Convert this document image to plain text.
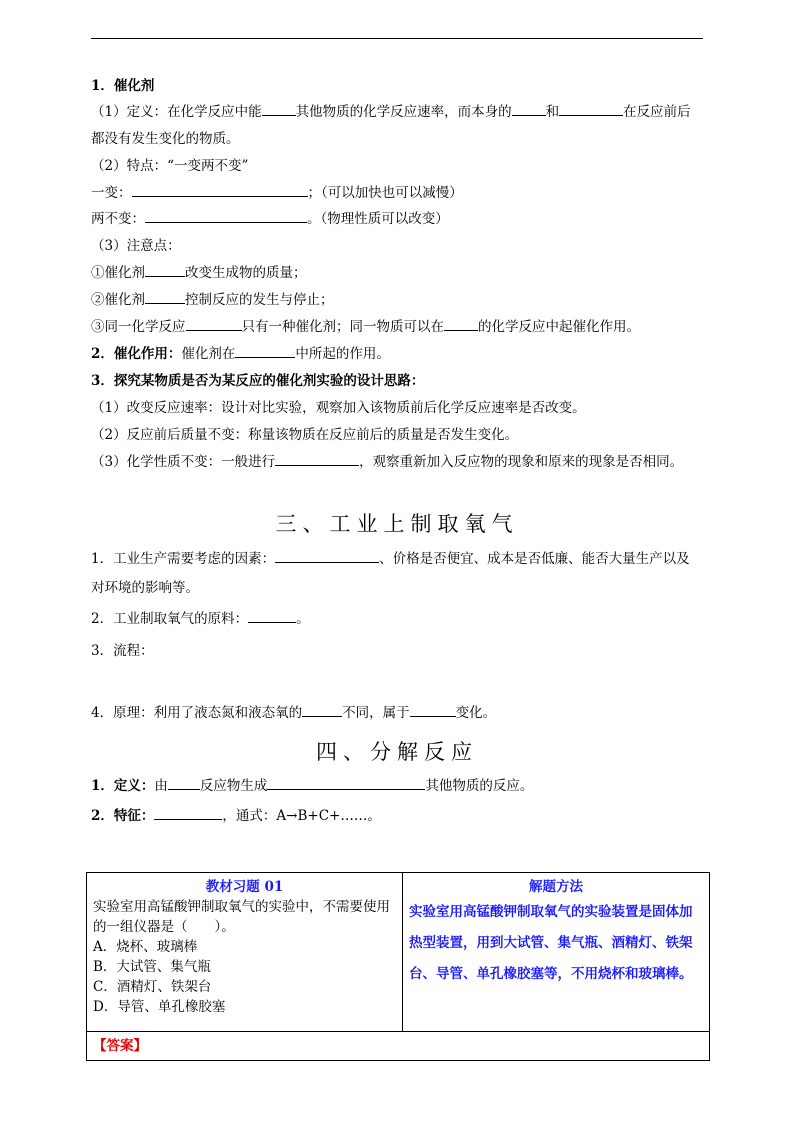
1．催化剂
（1）定义：在化学反应中能	其他物质的化学反应速率，而本身的	和	在反应前后
都没有发生变化的物质。
（2）特点：“一变两不变”
一变：	；（可以加快也可以减慢）
两不变：	。（物理性质可以改变）
（3）注意点：
①催化剂	改变生成物的质量；
②催化剂	控制反应的发生与停止；
③同一化学反应	只有一种催化剂；同一物质可以在	的化学反应中起催化作用。
2．催化作用：催化剂在	中所起的作用。
3．探究某物质是否为某反应的催化剂实验的设计思路：
（1）改变反应速率：设计对比实验，观察加入该物质前后化学反应速率是否改变。
（2）反应前后质量不变：称量该物质在反应前后的质量是否发生变化。
（3）化学性质不变：一般进行	，观察重新加入反应物的现象和原来的现象是否相同。
三、工业上制取氧气
1．工业生产需要考虑的因素：	、价格是否便宜、成本是否低廉、能否大量生产以及
对环境的影响等。
2．工业制取氧气的原料：	。
3．流程：
4．原理：利用了液态氮和液态氧的	不同，属于	变化。
四、分解反应
1．定义：由 反应物生成	其他物质的反应。
2．特征：	，通式：A→B+C+……。
教材习题 01
实验室用高锰酸钾制取氧气的实验中，不需要使用的一组仪器是（　　）。
A．烧杯、玻璃棒
B．大试管、集气瓶
C．酒精灯、铁架台
D．导管、单孔橡胶塞

解题方法
实验室用高锰酸钾制取氧气的实验装置是固体加热型装置，用到大试管、集气瓶、酒精灯、铁架台、导管、单孔橡胶塞等，不用烧杯和玻璃棒。

【答案】
